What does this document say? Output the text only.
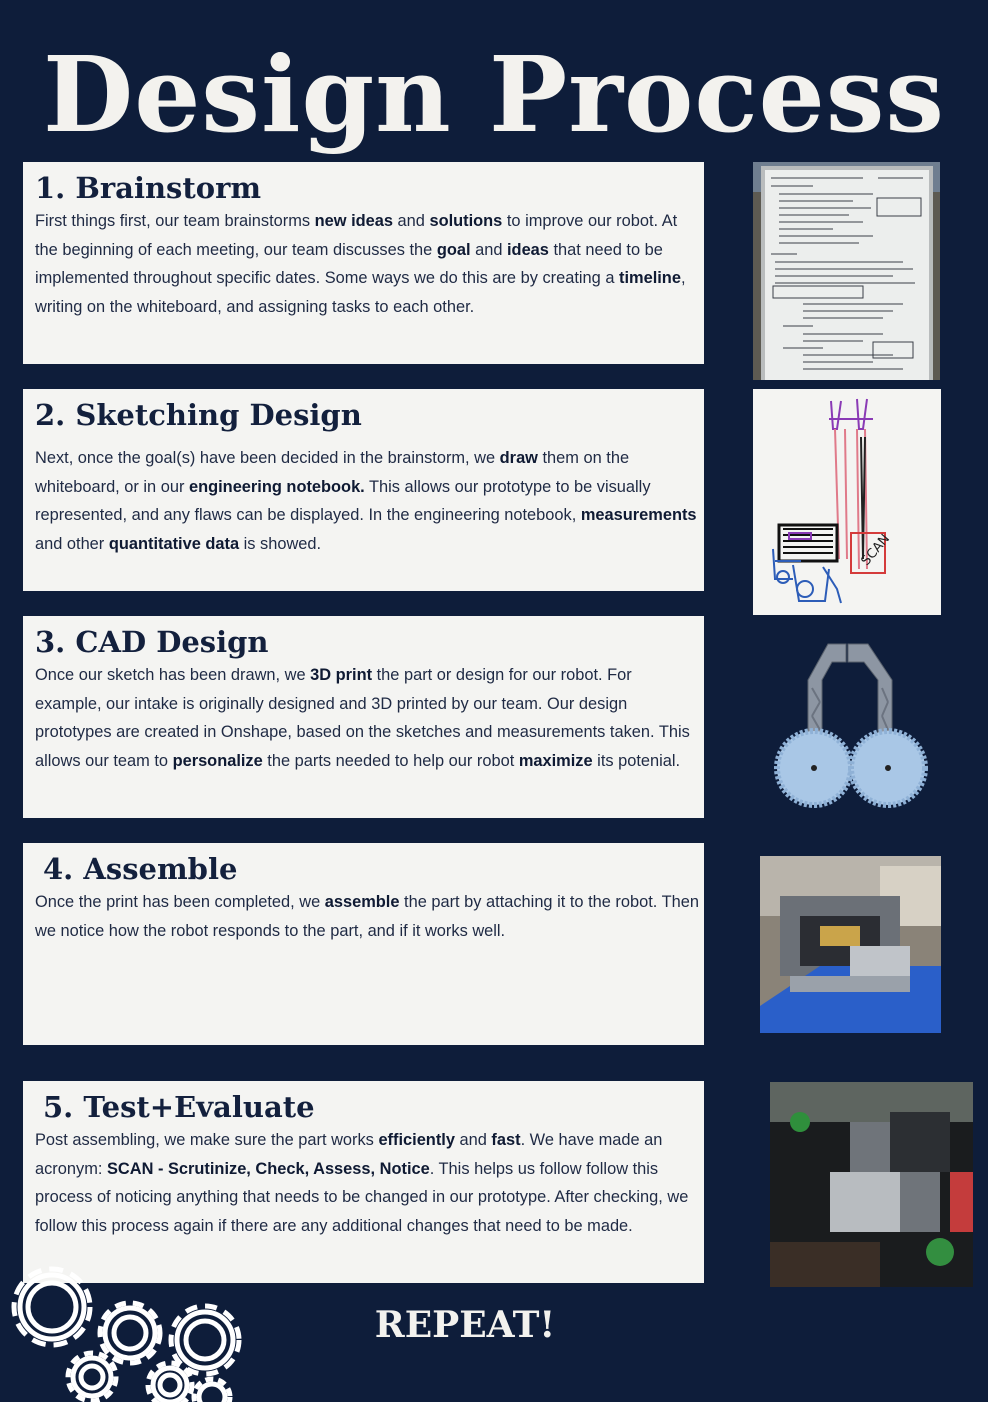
Design Process
1. Brainstorm

First things first, our team brainstorms new ideas and solutions to improve our robot. At the beginning of each meeting, our team discusses the goal and ideas that need to be implemented throughout specific dates. Some ways we do this are by creating a timeline, writing on the whiteboard, and assigning tasks to each other.

2. Sketching Design

Next, once the goal(s) have been decided in the brainstorm, we draw them on the whiteboard, or in our engineering notebook. This allows our prototype to be visually represented, and any flaws can be displayed. In the engineering notebook, measurements and other quantitative data is showed.

3. CAD Design

Once our sketch has been drawn, we 3D print the part or design for our robot. For example, our intake is originally designed and 3D printed by our team. Our design prototypes are created in Onshape, based on the sketches and measurements taken. This allows our team to personalize the parts needed to help our robot maximize its potenial.

4. Assemble

Once the print has been completed, we assemble the part by attaching it to the robot. Then we notice how the robot responds to the part, and if it works well.

5. Test+Evaluate

Post assembling, we make sure the part works efficiently and fast. We have made an acronym: SCAN - Scrutinize, Check, Assess, Notice. This helps us follow follow this process of noticing anything that needs to be changed in our prototype. After checking, we follow this process again if there are any additional changes that need to be made.

SCAN
REPEAT!
